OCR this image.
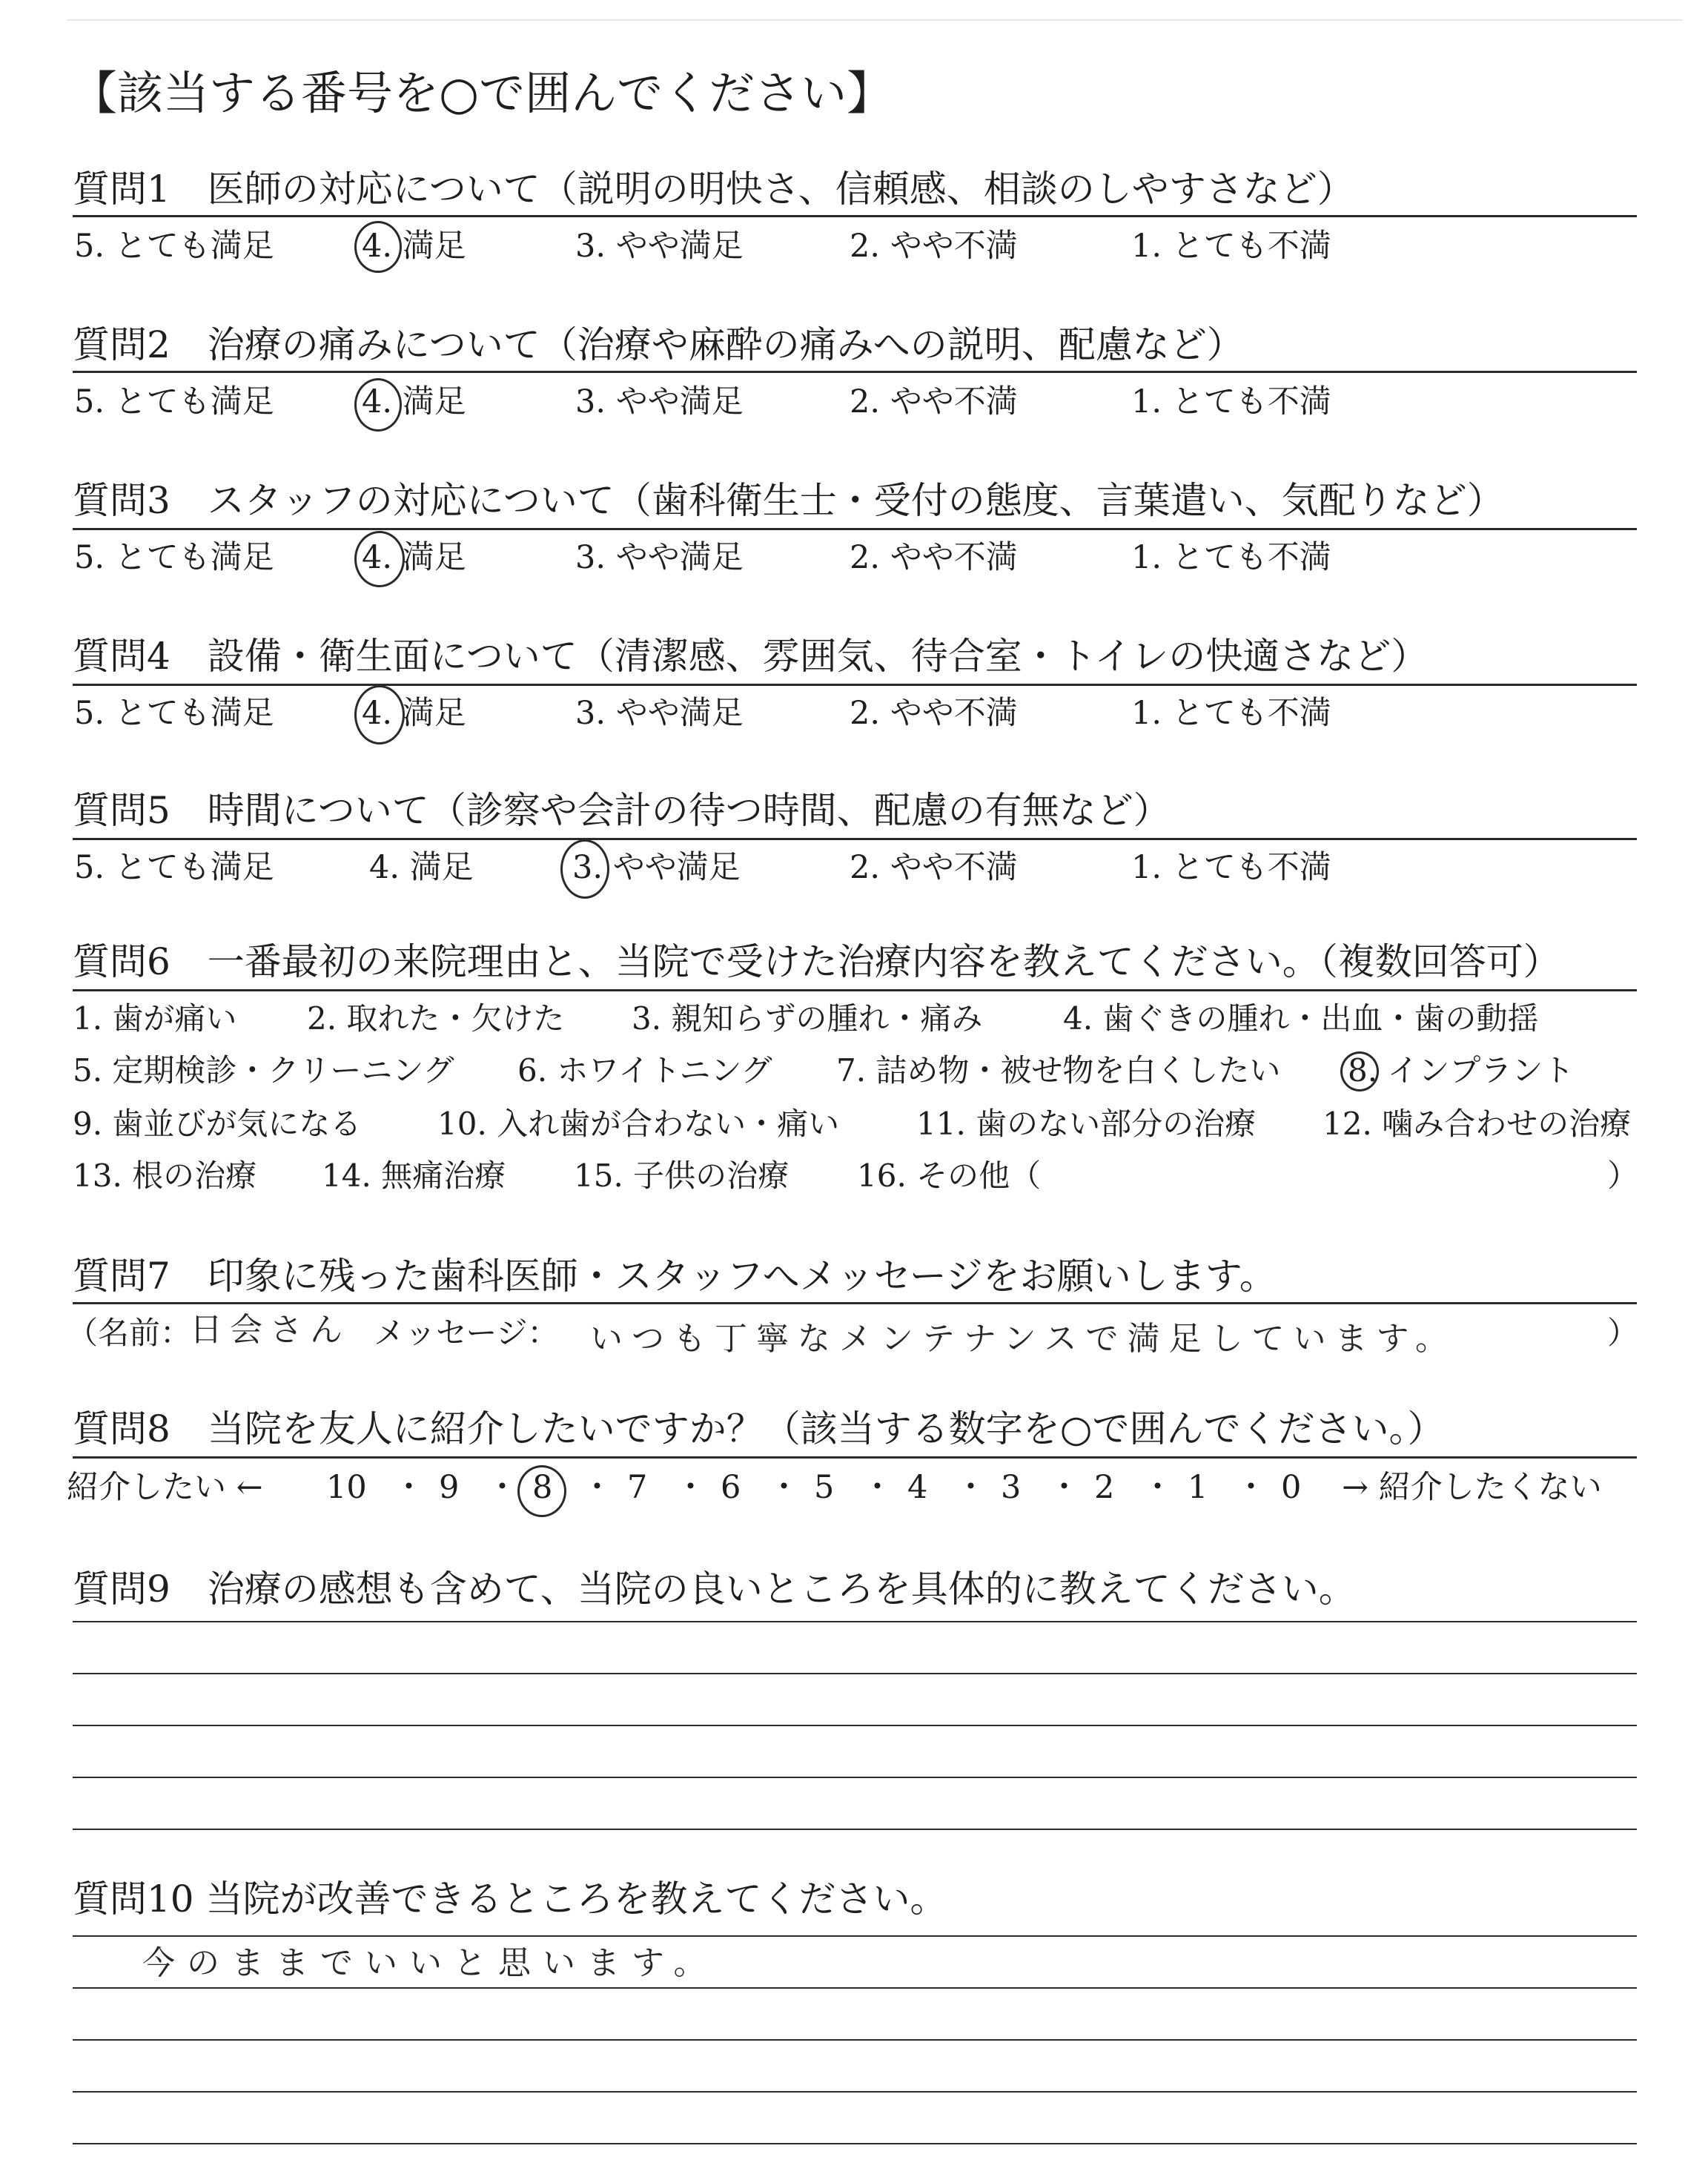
【該当する番号を○で囲んでください】
質問1　医師の対応について（説明の明快さ、信頼感、相談のしやすさなど）
5. とても満足	4. 満足	3. やや満足	2. やや不満	1. とても不満
質問2　治療の痛みについて（治療や麻酔の痛みへの説明、配慮など）
5. とても満足	4. 満足	3. やや満足	2. やや不満	1. とても不満
質問3　スタッフの対応について（歯科衛生士・受付の態度、言葉遣い、気配りなど）
5. とても満足	4. 満足	3. やや満足	2. やや不満	1. とても不満
質問4　設備・衛生面について（清潔感、雰囲気、待合室・トイレの快適さなど）
5. とても満足	4. 満足	3. やや満足	2. やや不満	1. とても不満
質問5　時間について（診察や会計の待つ時間、配慮の有無など）
5. とても満足	4. 満足	3. やや満足	2. やや不満	1. とても不満
質問6　一番最初の来院理由と、当院で受けた治療内容を教えてください。（複数回答可）
1. 歯が痛い 2. 取れた・欠けた 3. 親知らずの腫れ・痛み	4. 歯ぐきの腫れ・出血・歯の動揺
5. 定期検診・クリーニング 6. ホワイトニング 7. 詰め物・被せ物を白くしたい 8. インプラント
9. 歯並びが気になる 10. 入れ歯が合わない・痛い 11. 歯のない部分の治療 12. 噛み合わせの治療
13. 根の治療 14. 無痛治療 15. 子供の治療 16. その他（	）
質問7　印象に残った歯科医師・スタッフへメッセージをお願いします。
（名前：
日会さん メッセージ： いつも丁寧なメンテナンスで満足しています。	）
質問8　当院を友人に紹介したいですか？（該当する数字を○で囲んでください。）
紹介したい ← 10 ・ 9 ・ 8 ・ 7 ・ 6 ・ 5 ・ 4 ・ 3 ・ 2 ・ 1 ・ 0 → 紹介したくない
質問9　治療の感想も含めて、当院の良いところを具体的に教えてください。
質問10 当院が改善できるところを教えてください。
今のままでいいと思います。
